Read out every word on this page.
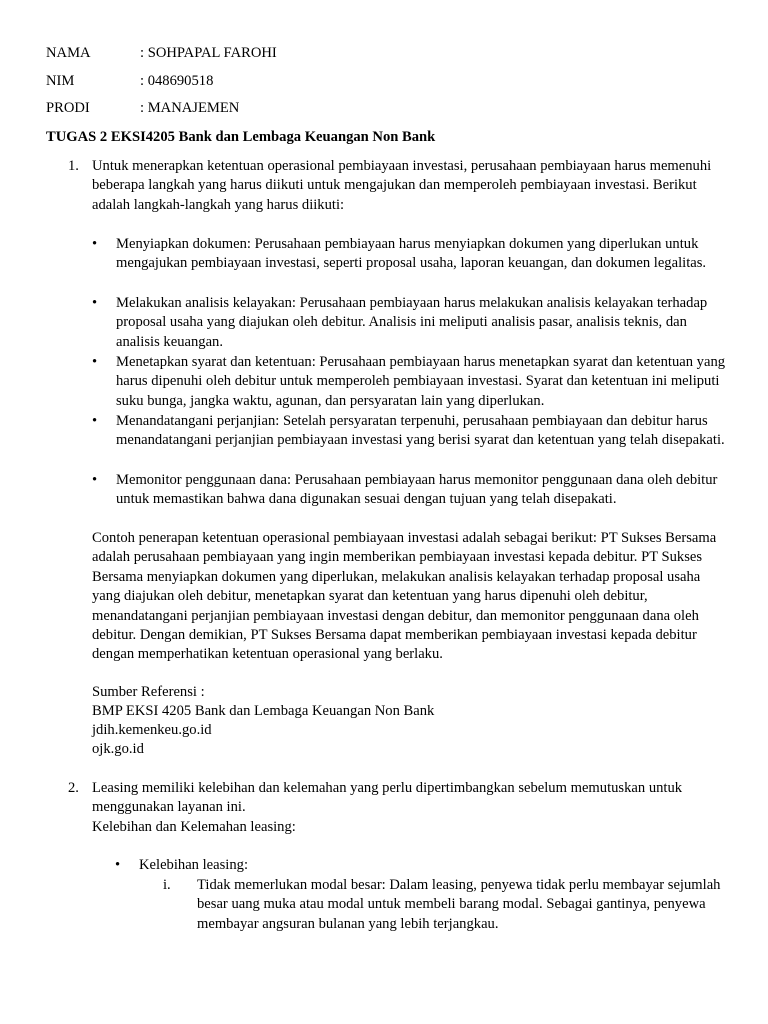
NAMA	: SOHPAPAL FAROHI
NIM	: 048690518
PRODI	: MANAJEMEN
TUGAS 2 EKSI4205 Bank dan Lembaga Keuangan Non Bank
1. Untuk menerapkan ketentuan operasional pembiayaan investasi, perusahaan pembiayaan harus memenuhi beberapa langkah yang harus diikuti untuk mengajukan dan memperoleh pembiayaan investasi. Berikut adalah langkah-langkah yang harus diikuti:

• Menyiapkan dokumen: Perusahaan pembiayaan harus menyiapkan dokumen yang diperlukan untuk mengajukan pembiayaan investasi, seperti proposal usaha, laporan keuangan, dan dokumen legalitas.

• Melakukan analisis kelayakan: Perusahaan pembiayaan harus melakukan analisis kelayakan terhadap proposal usaha yang diajukan oleh debitur. Analisis ini meliputi analisis pasar, analisis teknis, dan analisis keuangan.

• Menetapkan syarat dan ketentuan: Perusahaan pembiayaan harus menetapkan syarat dan ketentuan yang harus dipenuhi oleh debitur untuk memperoleh pembiayaan investasi. Syarat dan ketentuan ini meliputi suku bunga, jangka waktu, agunan, dan persyaratan lain yang diperlukan.

• Menandatangani perjanjian: Setelah persyaratan terpenuhi, perusahaan pembiayaan dan debitur harus menandatangani perjanjian pembiayaan investasi yang berisi syarat dan ketentuan yang telah disepakati.

• Memonitor penggunaan dana: Perusahaan pembiayaan harus memonitor penggunaan dana oleh debitur untuk memastikan bahwa dana digunakan sesuai dengan tujuan yang telah disepakati.

Contoh penerapan ketentuan operasional pembiayaan investasi adalah sebagai berikut: PT Sukses Bersama adalah perusahaan pembiayaan yang ingin memberikan pembiayaan investasi kepada debitur. PT Sukses Bersama menyiapkan dokumen yang diperlukan, melakukan analisis kelayakan terhadap proposal usaha yang diajukan oleh debitur, menetapkan syarat dan ketentuan yang harus dipenuhi oleh debitur, menandatangani perjanjian pembiayaan investasi dengan debitur, dan memonitor penggunaan dana oleh debitur. Dengan demikian, PT Sukses Bersama dapat memberikan pembiayaan investasi kepada debitur dengan memperhatikan ketentuan operasional yang berlaku.

Sumber Referensi :

BMP EKSI 4205 Bank dan Lembaga Keuangan Non Bank

jdih.kemenkeu.go.id

ojk.go.id

2. Leasing memiliki kelebihan dan kelemahan yang perlu dipertimbangkan sebelum memutuskan untuk menggunakan layanan ini.

Kelebihan dan Kelemahan leasing:

• Kelebihan leasing:

i. Tidak memerlukan modal besar: Dalam leasing, penyewa tidak perlu membayar sejumlah besar uang muka atau modal untuk membeli barang modal. Sebagai gantinya, penyewa membayar angsuran bulanan yang lebih terjangkau.
